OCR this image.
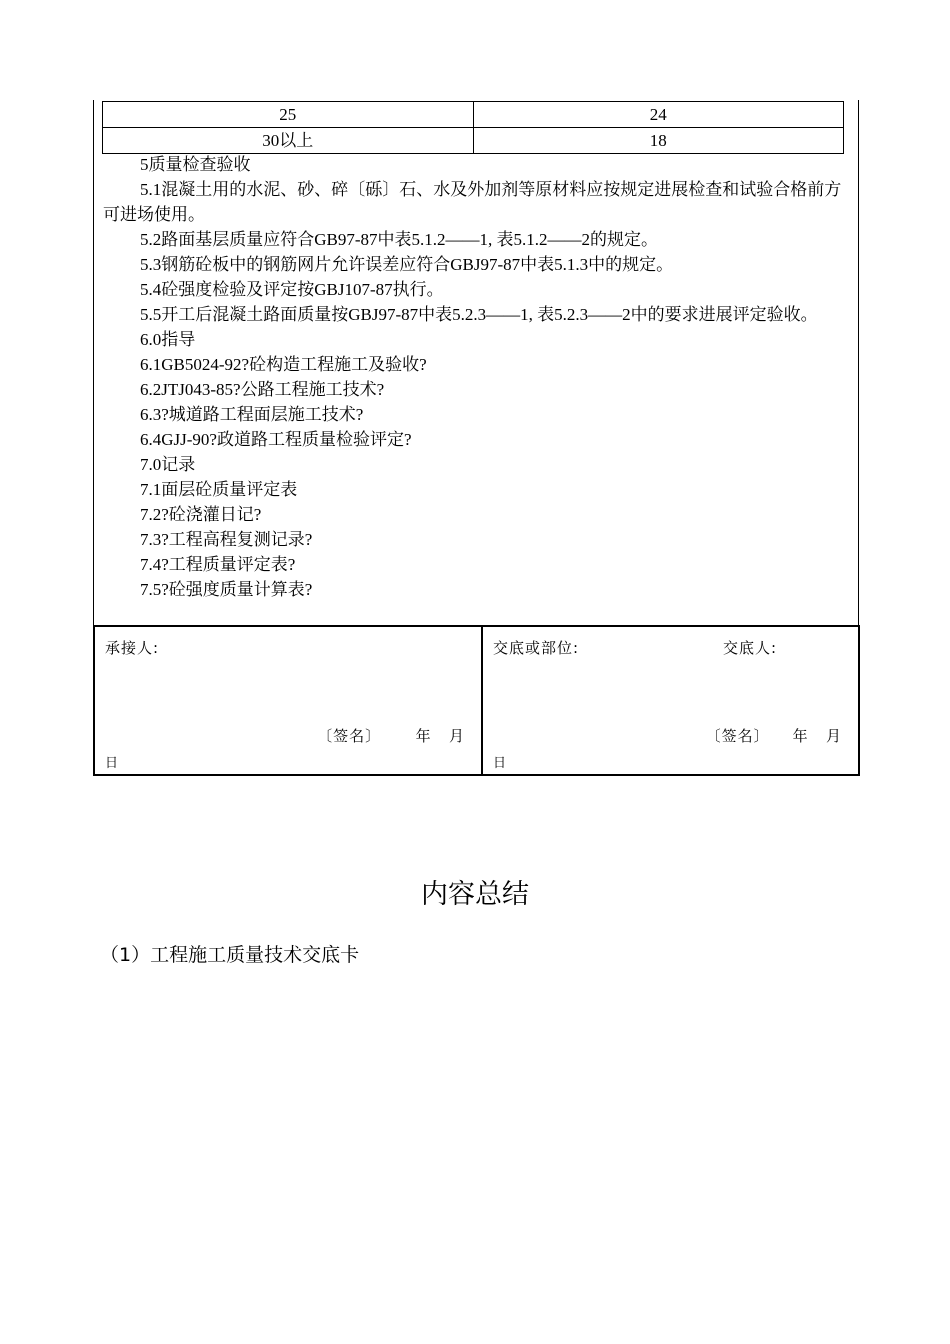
25	24
30以上	18

5质量检查验收

5.1混凝土用的水泥、砂、碎〔砾〕石、水及外加剂等原材料应按规定进展检查和试验合格前方可进场使用。

5.2路面基层质量应符合GB97-87中表5.1.2——1, 表5.1.2——2的规定。

5.3钢筋砼板中的钢筋网片允许误差应符合GBJ97-87中表5.1.3中的规定。

5.4砼强度检验及评定按GBJ107-87执行。

5.5开工后混凝土路面质量按GBJ97-87中表5.2.3——1, 表5.2.3——2中的要求进展评定验收。

6.0指导

6.1GB5024-92?砼构造工程施工及验收?

6.2JTJ043-85?公路工程施工技术?

6.3?城道路工程面层施工技术?

6.4GJJ-90?政道路工程质量检验评定?

7.0记录

7.1面层砼质量评定表

7.2?砼浇灌日记?

7.3?工程高程复测记录?

7.4?工程质量评定表?

7.5?砼强度质量计算表?

承接人:
〔签名〕      年   月
日

交底或部位:	交底人:
〔签名〕    年   月
日
内容总结
（1）工程施工质量技术交底卡
